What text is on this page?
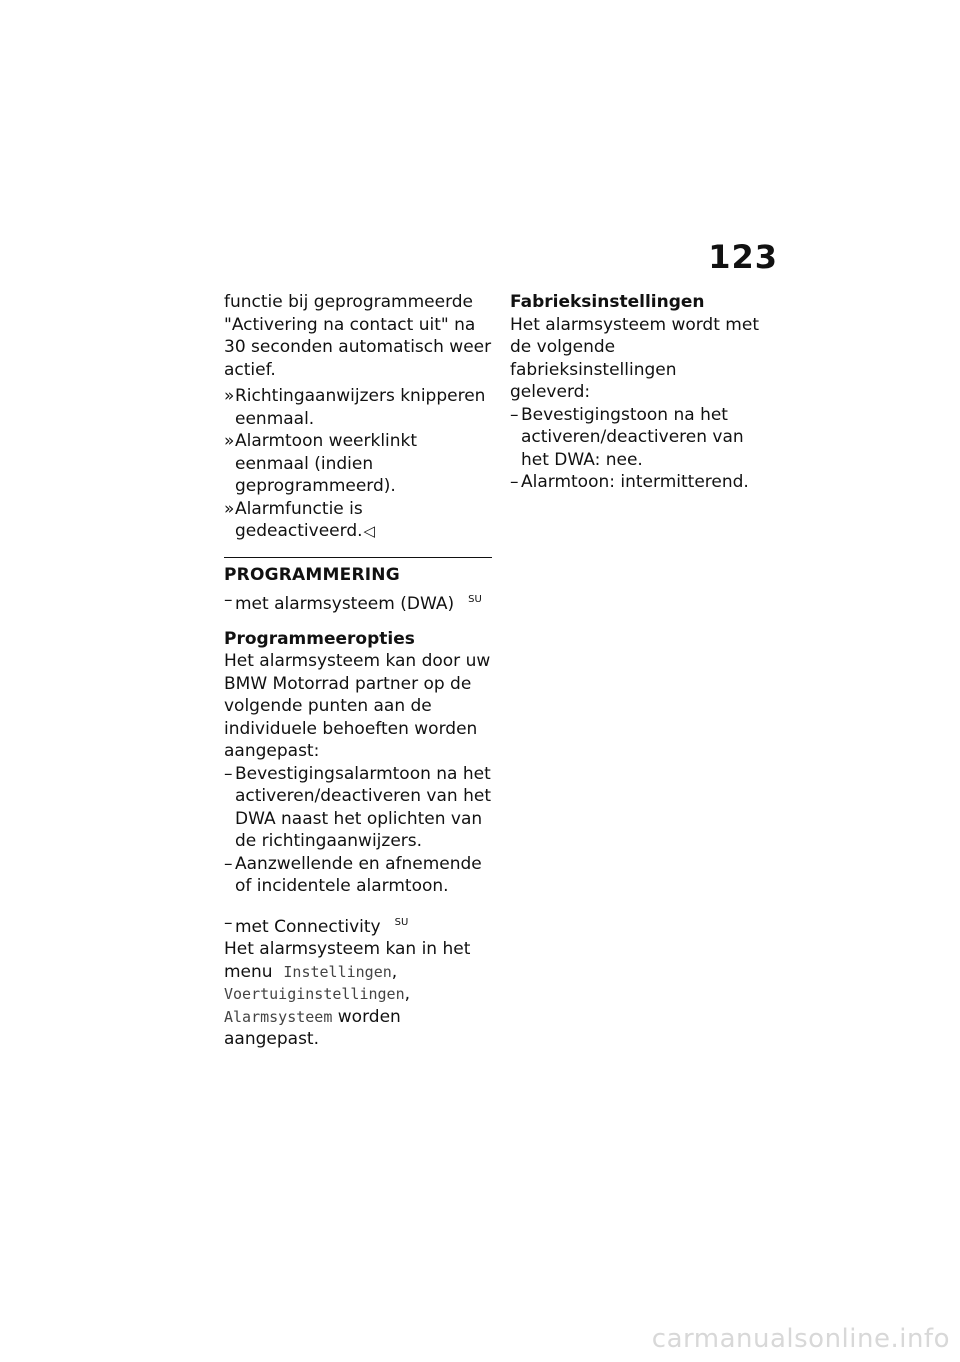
123

functie bij geprogrammeerde "Activering na contact uit" na 30 seconden automatisch weer actief.

» Richtingaanwijzers knipperen eenmaal.

» Alarmtoon weerklinkt eenmaal (indien geprogrammeerd).

» Alarmfunctie is gedeactiveerd.◁

PROGRAMMERING

– met alarmsysteem (DWA) $^{SU}$

Programmeeropties

Het alarmsysteem kan door uw BMW Motorrad partner op de volgende punten aan de individuele behoeften worden aangepast:

– Bevestigingsalarmtoon na het activeren/deactiveren van het DWA naast het oplichten van de richtingaanwijzers.

– Aanzwellende en afnemende of incidentele alarmtoon.

– met Connectivity $^{SU}$

Het alarmsysteem kan in het menu Instellingen, Voertuiginstellingen, Alarmsysteem worden aangepast.

Fabrieksinstellingen

Het alarmsysteem wordt met de volgende fabrieksinstellingen geleverd:

– Bevestigingstoon na het activeren/deactiveren van het DWA: nee.

– Alarmtoon: intermitterend.

carmanualsonline.info
